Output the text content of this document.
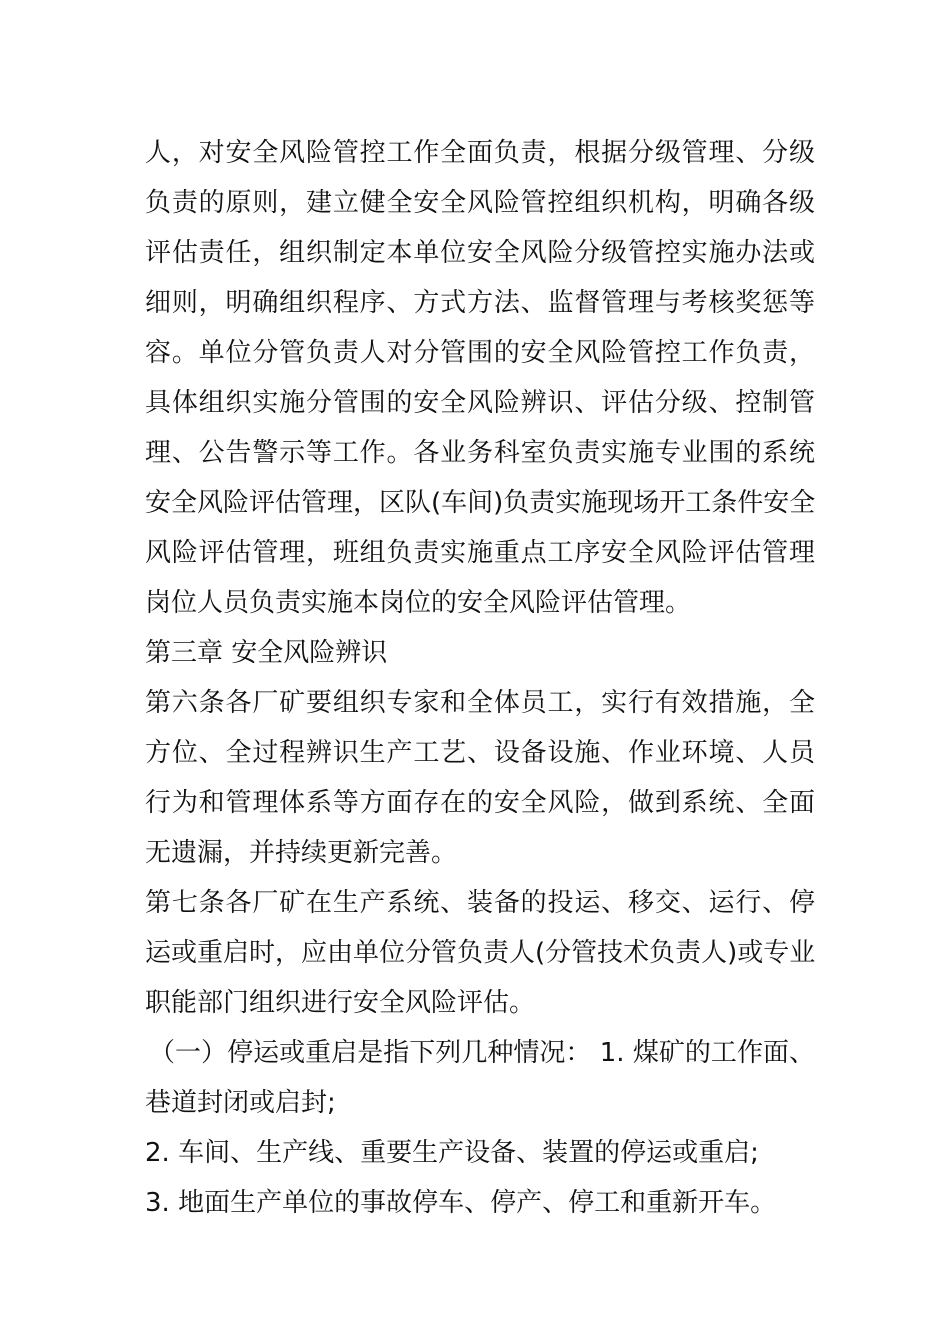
人，对安全风险管控工作全面负责，根据分级管理、分级
负责的原则，建立健全安全风险管控组织机构，明确各级
评估责任，组织制定本单位安全风险分级管控实施办法或
细则，明确组织程序、方式方法、监督管理与考核奖惩等
容。单位分管负责人对分管围的安全风险管控工作负责，
具体组织实施分管围的安全风险辨识、评估分级、控制管
理、公告警示等工作。各业务科室负责实施专业围的系统
安全风险评估管理，区队(车间)负责实施现场开工条件安全
风险评估管理，班组负责实施重点工序安全风险评估管理
岗位人员负责实施本岗位的安全风险评估管理。
第三章 安全风险辨识
第六条各厂矿要组织专家和全体员工，实行有效措施，全
方位、全过程辨识生产工艺、设备设施、作业环境、人员
行为和管理体系等方面存在的安全风险，做到系统、全面
无遗漏，并持续更新完善。
第七条各厂矿在生产系统、装备的投运、移交、运行、停
运或重启时，应由单位分管负责人(分管技术负责人)或专业
职能部门组织进行安全风险评估。
（一）停运或重启是指下列几种情况： 1. 煤矿的工作面、
巷道封闭或启封;
2. 车间、生产线、重要生产设备、装置的停运或重启;
3. 地面生产单位的事故停车、停产、停工和重新开车。
